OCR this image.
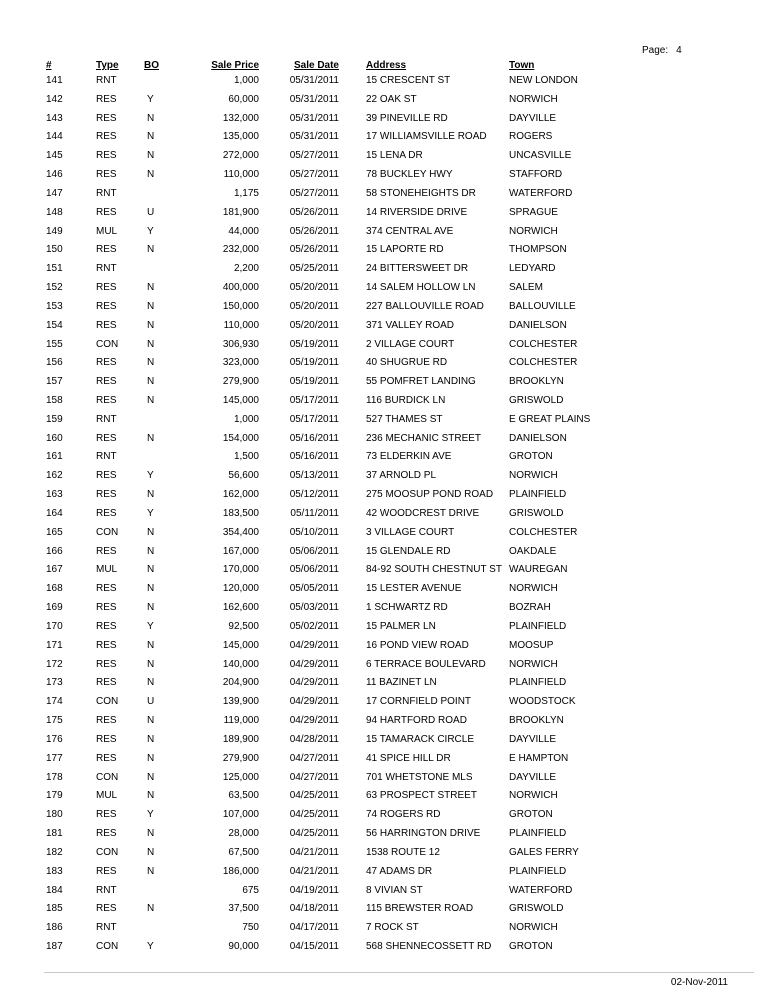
Page: 4
#	Type	BO	Sale Price	Sale Date	Address	Town
141	RNT		1,000	05/31/2011	15 CRESCENT ST	NEW LONDON
142	RES	Y	60,000	05/31/2011	22 OAK ST	NORWICH
143	RES	N	132,000	05/31/2011	39 PINEVILLE RD	DAYVILLE
144	RES	N	135,000	05/31/2011	17 WILLIAMSVILLE ROAD	ROGERS
145	RES	N	272,000	05/27/2011	15 LENA DR	UNCASVILLE
146	RES	N	110,000	05/27/2011	78 BUCKLEY HWY	STAFFORD
147	RNT		1,175	05/27/2011	58 STONEHEIGHTS DR	WATERFORD
148	RES	U	181,900	05/26/2011	14 RIVERSIDE DRIVE	SPRAGUE
149	MUL	Y	44,000	05/26/2011	374 CENTRAL AVE	NORWICH
150	RES	N	232,000	05/26/2011	15 LAPORTE RD	THOMPSON
151	RNT		2,200	05/25/2011	24 BITTERSWEET DR	LEDYARD
152	RES	N	400,000	05/20/2011	14 SALEM HOLLOW LN	SALEM
153	RES	N	150,000	05/20/2011	227 BALLOUVILLE ROAD	BALLOUVILLE
154	RES	N	110,000	05/20/2011	371 VALLEY ROAD	DANIELSON
155	CON	N	306,930	05/19/2011	2 VILLAGE COURT	COLCHESTER
156	RES	N	323,000	05/19/2011	40 SHUGRUE RD	COLCHESTER
157	RES	N	279,900	05/19/2011	55 POMFRET LANDING	BROOKLYN
158	RES	N	145,000	05/17/2011	116 BURDICK LN	GRISWOLD
159	RNT		1,000	05/17/2011	527 THAMES ST	E GREAT PLAINS
160	RES	N	154,000	05/16/2011	236 MECHANIC STREET	DANIELSON
161	RNT		1,500	05/16/2011	73 ELDERKIN AVE	GROTON
162	RES	Y	56,600	05/13/2011	37 ARNOLD PL	NORWICH
163	RES	N	162,000	05/12/2011	275 MOOSUP POND ROAD	PLAINFIELD
164	RES	Y	183,500	05/11/2011	42 WOODCREST DRIVE	GRISWOLD
165	CON	N	354,400	05/10/2011	3 VILLAGE COURT	COLCHESTER
166	RES	N	167,000	05/06/2011	15 GLENDALE RD	OAKDALE
167	MUL	N	170,000	05/06/2011	84-92 SOUTH CHESTNUT ST	WAUREGAN
168	RES	N	120,000	05/05/2011	15 LESTER AVENUE	NORWICH
169	RES	N	162,600	05/03/2011	1 SCHWARTZ RD	BOZRAH
170	RES	Y	92,500	05/02/2011	15 PALMER LN	PLAINFIELD
171	RES	N	145,000	04/29/2011	16 POND VIEW ROAD	MOOSUP
172	RES	N	140,000	04/29/2011	6 TERRACE BOULEVARD	NORWICH
173	RES	N	204,900	04/29/2011	11 BAZINET LN	PLAINFIELD
174	CON	U	139,900	04/29/2011	17 CORNFIELD POINT	WOODSTOCK
175	RES	N	119,000	04/29/2011	94 HARTFORD ROAD	BROOKLYN
176	RES	N	189,900	04/28/2011	15 TAMARACK CIRCLE	DAYVILLE
177	RES	N	279,900	04/27/2011	41 SPICE HILL DR	E HAMPTON
178	CON	N	125,000	04/27/2011	701 WHETSTONE MLS	DAYVILLE
179	MUL	N	63,500	04/25/2011	63 PROSPECT STREET	NORWICH
180	RES	Y	107,000	04/25/2011	74 ROGERS RD	GROTON
181	RES	N	28,000	04/25/2011	56 HARRINGTON DRIVE	PLAINFIELD
182	CON	N	67,500	04/21/2011	1538 ROUTE 12	GALES FERRY
183	RES	N	186,000	04/21/2011	47 ADAMS DR	PLAINFIELD
184	RNT		675	04/19/2011	8 VIVIAN ST	WATERFORD
185	RES	N	37,500	04/18/2011	115 BREWSTER ROAD	GRISWOLD
186	RNT		750	04/17/2011	7 ROCK ST	NORWICH
187	CON	Y	90,000	04/15/2011	568 SHENNECOSSETT RD	GROTON
02-Nov-2011
